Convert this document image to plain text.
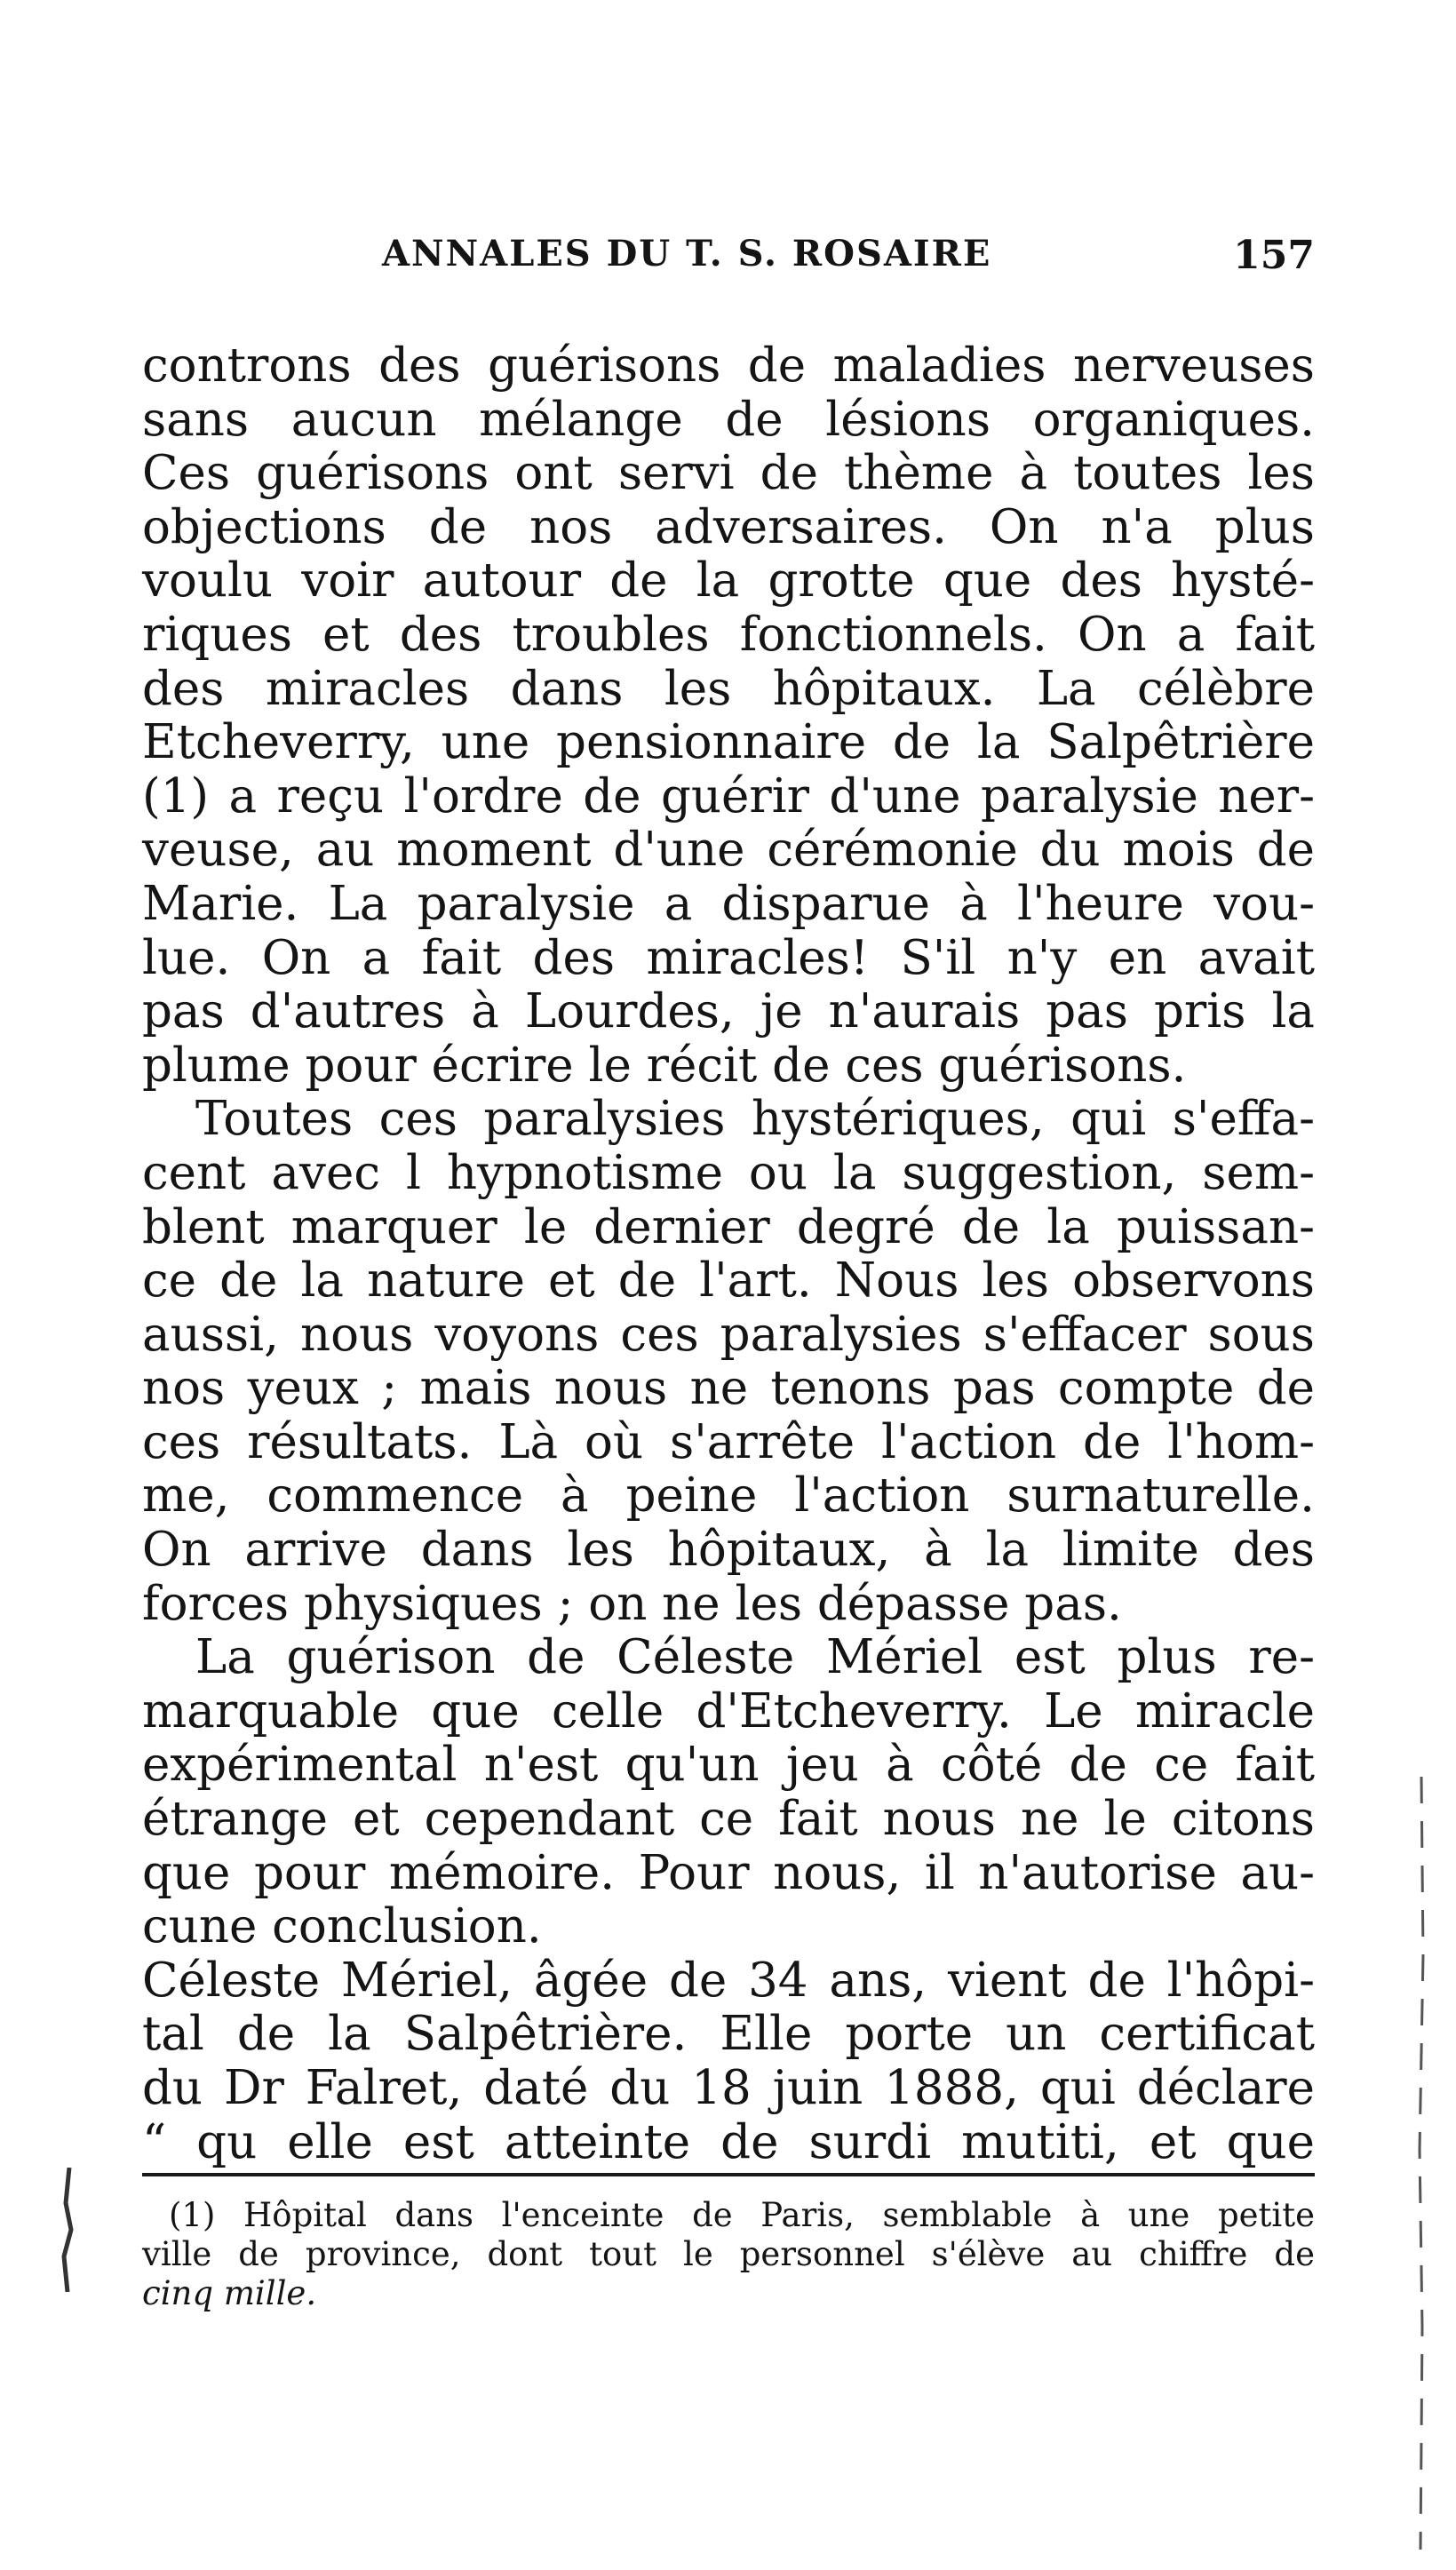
ANNALES DU T. S. ROSAIRE	157
controns des guérisons de maladies nerveuses
sans aucun mélange de lésions organiques.
Ces guérisons ont servi de thème à toutes les
objections de nos adversaires. On n'a plus
voulu voir autour de la grotte que des hysté-
riques et des troubles fonctionnels. On a fait
des miracles dans les hôpitaux. La célèbre
Etcheverry, une pensionnaire de la Salpêtrière
(1) a reçu l'ordre de guérir d'une paralysie ner-
veuse, au moment d'une cérémonie du mois de
Marie. La paralysie a disparue à l'heure vou-
lue. On a fait des miracles! S'il n'y en avait
pas d'autres à Lourdes, je n'aurais pas pris la
plume pour écrire le récit de ces guérisons.
Toutes ces paralysies hystériques, qui s'effa-
cent avec l hypnotisme ou la suggestion, sem-
blent marquer le dernier degré de la puissan-
ce de la nature et de l'art. Nous les observons
aussi, nous voyons ces paralysies s'effacer sous
nos yeux ; mais nous ne tenons pas compte de
ces résultats. Là où s'arrête l'action de l'hom-
me, commence à peine l'action surnaturelle.
On arrive dans les hôpitaux, à la limite des
forces physiques ; on ne les dépasse pas.
La guérison de Céleste Mériel est plus re-
marquable que celle d'Etcheverry. Le miracle
expérimental n'est qu'un jeu à côté de ce fait
étrange et cependant ce fait nous ne le citons
que pour mémoire. Pour nous, il n'autorise au-
cune conclusion.
Céleste Mériel, âgée de 34 ans, vient de l'hôpi-
tal de la Salpêtrière. Elle porte un certificat
du Dr Falret, daté du 18 juin 1888, qui déclare
“ qu elle est atteinte de surdi mutiti, et que
(1) Hôpital dans l'enceinte de Paris, semblable à une petite
ville de province, dont tout le personnel s'élève au chiffre de
cinq mille.
